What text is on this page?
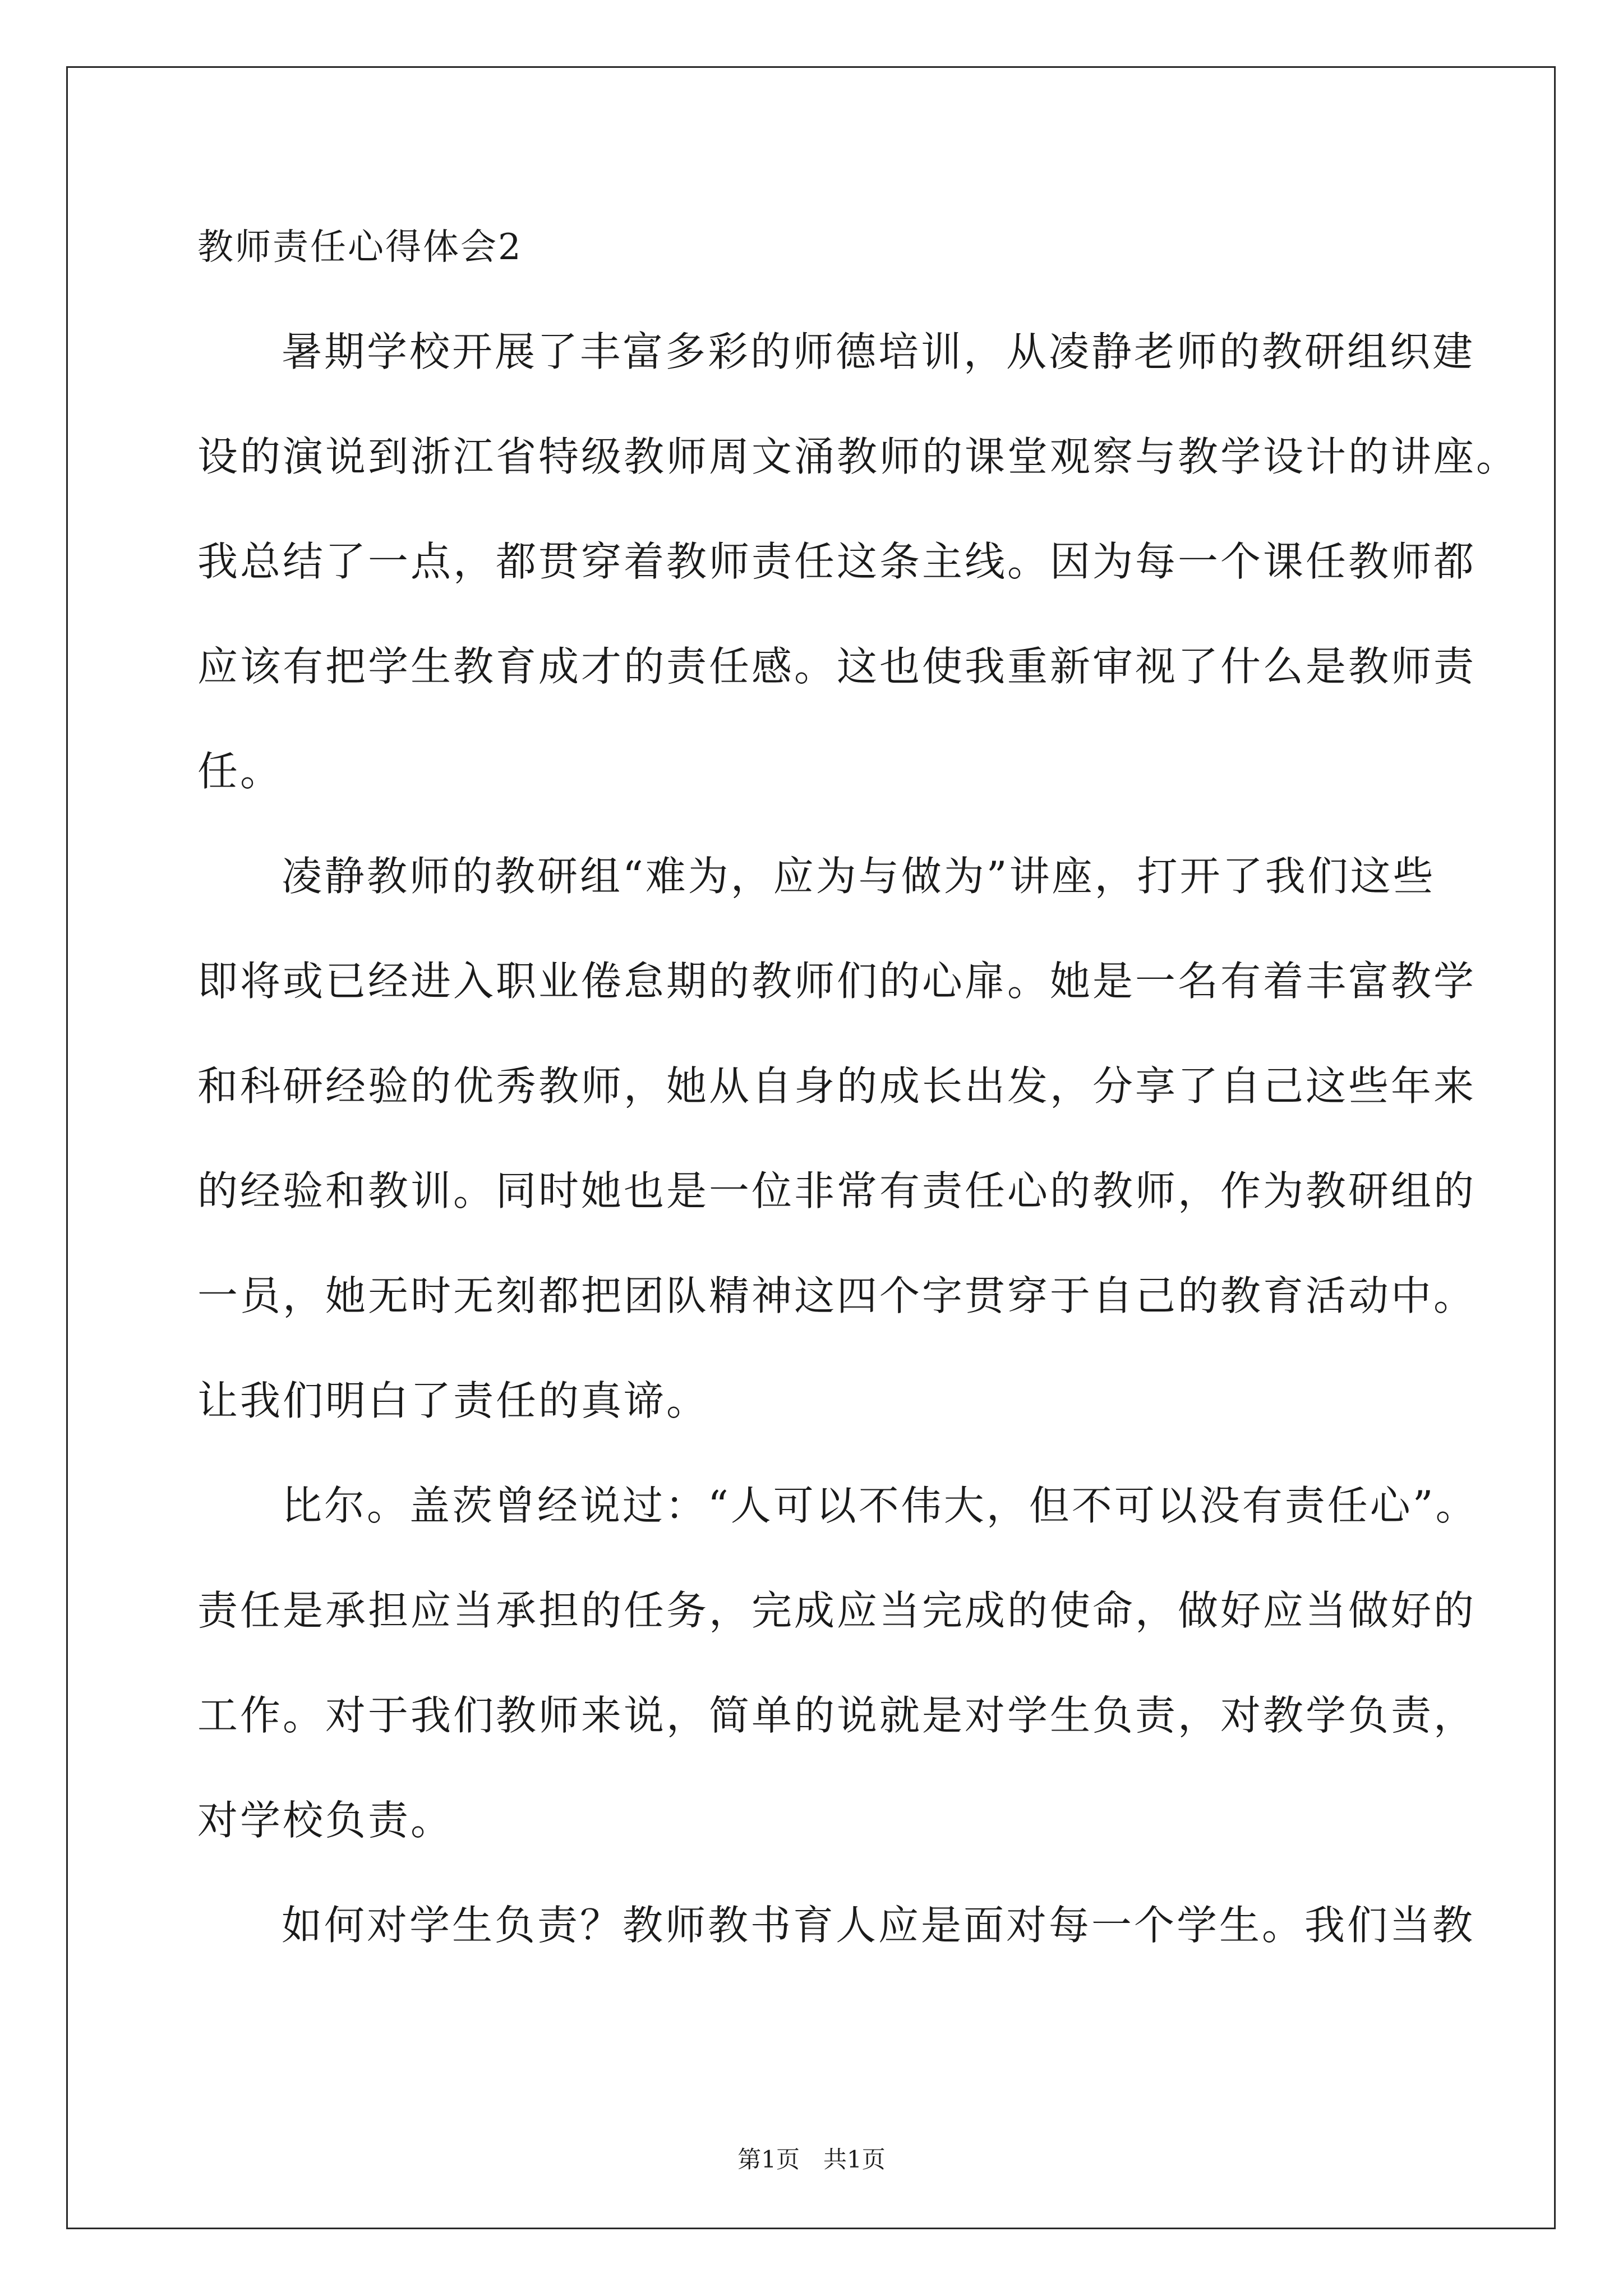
教师责任心得体会2
暑期学校开展了丰富多彩的师德培训，从凌静老师的教研组织建
设的演说到浙江省特级教师周文涌教师的课堂观察与教学设计的讲座。
我总结了一点，都贯穿着教师责任这条主线。因为每一个课任教师都
应该有把学生教育成才的责任感。这也使我重新审视了什么是教师责
任。
凌静教师的教研组“难为，应为与做为”讲座，打开了我们这些
即将或已经进入职业倦怠期的教师们的心扉。她是一名有着丰富教学
和科研经验的优秀教师，她从自身的成长出发，分享了自己这些年来
的经验和教训。同时她也是一位非常有责任心的教师，作为教研组的
一员，她无时无刻都把团队精神这四个字贯穿于自己的教育活动中。
让我们明白了责任的真谛。
比尔。盖茨曾经说过：“人可以不伟大，但不可以没有责任心”。
责任是承担应当承担的任务，完成应当完成的使命，做好应当做好的
工作。对于我们教师来说，简单的说就是对学生负责，对教学负责，
对学校负责。
如何对学生负责？教师教书育人应是面对每一个学生。我们当教
第1页　共1页
